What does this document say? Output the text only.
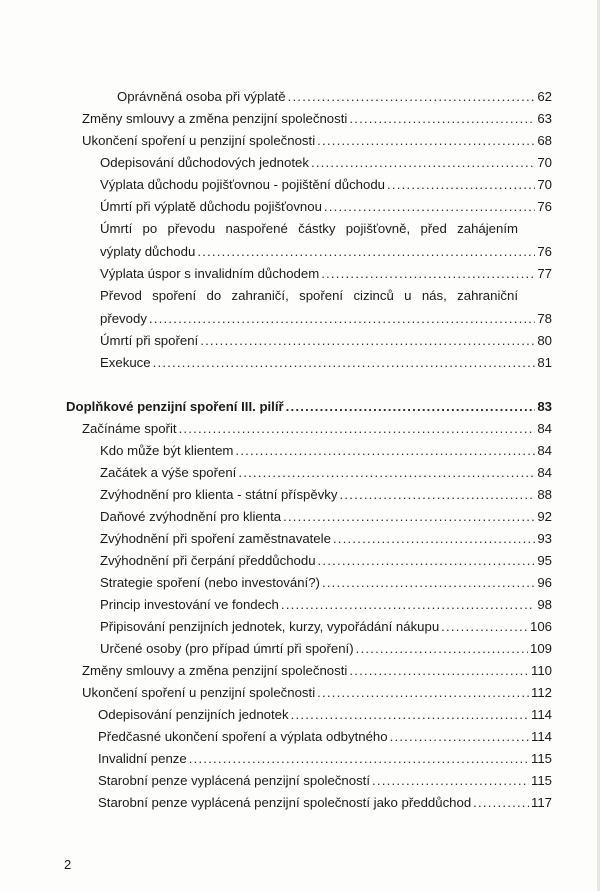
Oprávněná osoba při výplatě .....	62
Změny smlouvy a změna penzijní společnosti .....	63
Ukončení spoření u penzijní společnosti .....	68
Odepisování důchodových jednotek .....	70
Výplata důchodu pojišťovnou - pojištění důchodu .....	70
Úmrtí při výplatě důchodu pojišťovnou .....	76
Úmrtí po převodu naspořené částky pojišťovně, před zahájením
výplaty důchodu .....	76
Výplata úspor s invalidním důchodem .....	77
Převod spoření do zahraničí, spoření cizinců u nás, zahraniční
převody .....	78
Úmrtí při spoření .....	80
Exekuce .....	81
Doplňkové penzijní spoření III. pilíř .....	83
Začínáme spořit .....	84
Kdo může být klientem .....	84
Začátek a výše spoření .....	84
Zvýhodnění pro klienta - státní příspěvky .....	88
Daňové zvýhodnění pro klienta .....	92
Zvýhodnění při spoření zaměstnavatele .....	93
Zvýhodnění při čerpání předdůchodu .....	95
Strategie spoření (nebo investování?) .....	96
Princip investování ve fondech .....	98
Připisování penzijních jednotek, kurzy, vypořádání nákupu .....	106
Určené osoby (pro případ úmrtí při spoření) .....	109
Změny smlouvy a změna penzijní společnosti .....	110
Ukončení spoření u penzijní společnosti .....	112
Odepisování penzijních jednotek .....	114
Předčasné ukončení spoření a výplata odbytného .....	114
Invalidní penze .....	115
Starobní penze vyplácená penzijní společností .....	115
Starobní penze vyplácená penzijní společností jako předdůchod .....	117
2
